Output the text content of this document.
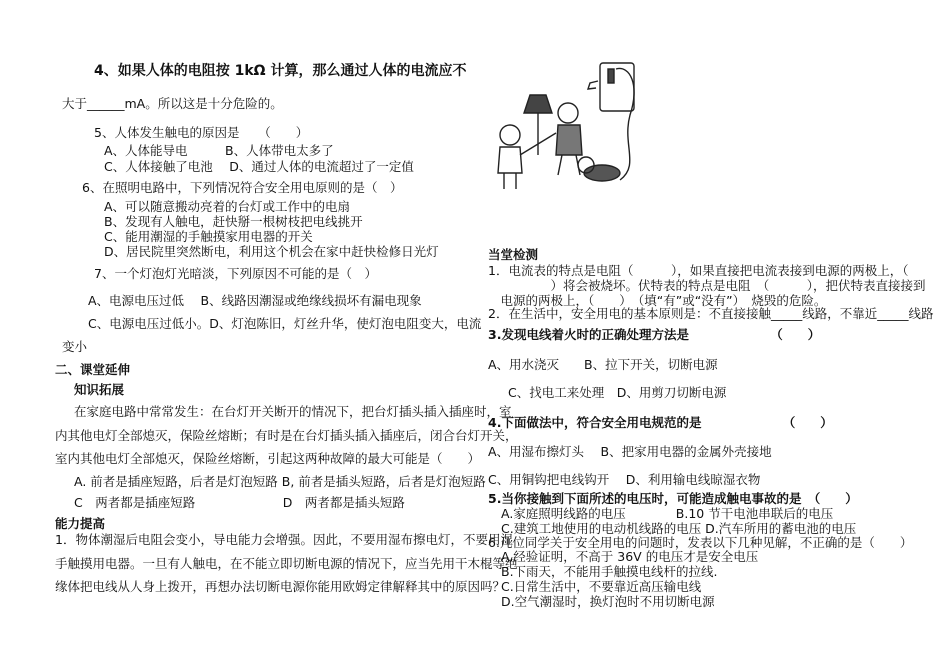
4、如果人体的电阻按 1kΩ 计算，那么通过人体的电流应不
大于______mA。所以这是十分危险的。
5、人体发生触电的原因是　　（　　）
A、人体能导电　　　B、人体带电太多了
C、人体接触了电池　 D、通过人体的电流超过了一定值
6、在照明电路中，下列情况符合安全用电原则的是（　）
A、可以随意搬动亮着的台灯或工作中的电扇
B、发现有人触电，赶快掰一根树枝把电线挑开
C、能用潮湿的手触摸家用电器的开关
D、居民院里突然断电，利用这个机会在家中赶快检修日光灯
7、一个灯泡灯光暗淡，下列原因不可能的是（　）
A、电源电压过低　 B、线路因潮湿或绝缘线损坏有漏电现象
C、电源电压过低小。D、灯泡陈旧，灯丝升华，使灯泡电阻变大，电流
变小
二、课堂延伸
知识拓展
在家庭电路中常常发生：在台灯开关断开的情况下，把台灯插头插入插座时，室
内其他电灯全部熄灭，保险丝熔断；有时是在台灯插头插入插座后，闭合台灯开关，
室内其他电灯全部熄灭，保险丝熔断，引起这两种故障的最大可能是（　　）
A. 前者是插座短路，后者是灯泡短路 B, 前者是插头短路，后者是灯泡短路
C　两者都是插座短路　　　　　　　D　两者都是插头短路
能力提高
1．物体潮湿后电阻会变小，导电能力会增强。因此，不要用湿布擦电灯，不要用湿
手触摸用电器。一旦有人触电，在不能立即切断电源的情况下，应当先用干木棍等绝
缘体把电线从人身上拨开，再想办法切断电源你能用欧姆定律解释其中的原因吗？
当堂检测
1．电流表的特点是电阻（　　　），如果直接把电流表接到电源的两极上，（
　　　　　）将会被烧坏。伏特表的特点是电阻　（　　　），把伏特表直接接到
　电源的两极上，（　　）　（填“有”或“没有”）　烧毁的危险。
2．在生活中，安全用电的基本原则是：不直接接触_____线路，不靠近_____线路
3.发现电线着火时的正确处理方法是　　　　　　　（　　）
A、用水浇灭　　B、拉下开关，切断电源
C、找电工来处理　D、用剪刀切断电源
4.下面做法中，符合安全用电规范的是　　　　　　　（　　）
A、用湿布擦灯头　 B、把家用电器的金属外壳接地
C、用铜钩把电线钩开　 D、利用输电线晾湿衣物
5.当你接触到下面所述的电压时，可能造成触电事故的是　（　　）
A.家庭照明线路的电压　　　　B.10 节干电池串联后的电压
C.建筑工地使用的电动机线路的电压 D.汽车所用的蓄电池的电压
6.几位同学关于安全用电的问题时，发表以下几种见解，不正确的是（　　）
A.经验证明，不高于 36V 的电压才是安全电压
B.下雨天，不能用手触摸电线杆的拉线.
C.日常生活中，不要靠近高压输电线
D.空气潮湿时，换灯泡时不用切断电源
